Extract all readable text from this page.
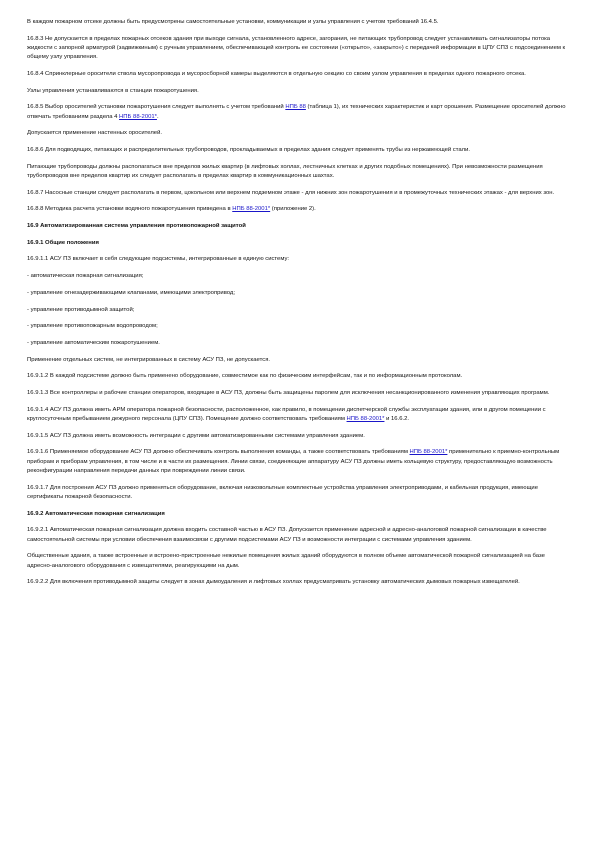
В каждом пожарном отсеке должны быть предусмотрены самостоятельные установки, коммуникации и узлы управления с учетом требований 16.4.5.

16.8.3 Не допускается в пределах пожарных отсеков здания при выходе сигнала, установленного адресе, загорания, не питающих трубопровод следует устанавливать сигнализаторы потока жидкости с запорной арматурой (задвижкиным) с ручным управлением, обеспечивающей контроль ее состоянии («открыто», «закрыто») с передачей информации в ЦПУ СПЗ с подсоединением к общему узлу управления.

16.8.4 Спринклерные оросители ствола мусоропровода и мусоросборной камеры выделяются в отдельную секцию со своим узлом управления в пределах одного пожарного отсека.

Узлы управления устанавливаются в станции пожаротушения.

16.8.5 Выбор оросителей установки пожаротушения следует выполнять с учетом требований НПБ 88 (таблица 1), их технических характеристик и карт орошения. Размещение оросителей должно отвечать требованиям раздела 4 НПБ 88-2001*.

Допускается применение настенных оросителей.

16.8.6 Для подводящих, питающих и распределительных трубопроводов, прокладываемых в пределах здания следует применять трубы из нержавеющей стали.

Питающие трубопроводы должны располагаться вне пределов жилых квартир (в лифтовых холлах, лестничных клетках и других подобных помещениях). При невозможности размещения трубопроводов вне пределов квартир их следует располагать в пределах квартир в коммуникационных шахтах.

16.8.7 Насосные станции следует располагать в первом, цокольном или верхнем подземном этаже - для нижних зон пожаротушения и в промежуточных технических этажах - для верхних зон.

16.8.8 Методика расчета установки водяного пожаротушения приведена в НПБ 88-2001* (приложение 2).

16.9 Автоматизированная система управления противопожарной защитой

16.9.1 Общие положения

16.9.1.1 АСУ ПЗ включает в себя следующие подсистемы, интегрированные в единую систему:

- автоматическая пожарная сигнализация;

- управление огнезадерживающими клапанами, имеющими электропривод;

- управление противодымной защитой;

- управление противопожарным водопроводом;

- управление автоматическим пожаротушением.

Применение отдельных систем, не интегрированных в систему АСУ ПЗ, не допускается.

16.9.1.2 В каждой подсистеме должно быть применено оборудование, совместимое как по физическим интерфейсам, так и по информационным протоколам.

16.9.1.3 Все контроллеры и рабочие станции операторов, входящие в АСУ ПЗ, должны быть защищены паролем для исключения несанкционированного изменения управляющих программ.

16.9.1.4 АСУ ПЗ должна иметь АРМ оператора пожарной безопасности, расположенное, как правило, в помещении диспетчерской службы эксплуатации здания, или в другом помещении с круглосуточным пребыванием дежурного персонала (ЦПУ СПЗ). Помещение должно соответствовать требованиям НПБ 88-2001* и 16.6.2.

16.9.1.5 АСУ ПЗ должна иметь возможность интеграции с другими автоматизированными системами управления зданием.

16.9.1.6 Применяемое оборудование АСУ ПЗ должно обеспечивать контроль выполнения команды, а также соответствовать требованиям НПБ 88-2001* применительно к приемно-контрольным приборам и приборам управления, в том числе и в части их размещения. Линии связи, соединяющие аппаратуру АСУ ПЗ должны иметь кольцевую структуру, предоставляющую возможность реконфигурации направления передачи данных при повреждении линии связи.

16.9.1.7 Для построения АСУ ПЗ должно применяться оборудование, включая низковольтные комплектные устройства управления электроприводами, и кабельная продукция, имеющие сертификаты пожарной безопасности.

16.9.2 Автоматическая пожарная сигнализация

16.9.2.1 Автоматическая пожарная сигнализация должна входить составной частью в АСУ ПЗ. Допускается применение адресной и адресно-аналоговой пожарной сигнализации в качестве самостоятельной системы при условии обеспечения взаимосвязи с другими подсистемами АСУ ПЗ и возможности интеграции с системами управления зданием.

Общественные здания, а также встроенные и встроено-пристроенные нежилые помещения жилых зданий оборудуются в полном объеме автоматической пожарной сигнализацией на базе адресно-аналогового оборудования с извещателями, реагирующими на дым.

16.9.2.2 Для включения противодымной защиты следует в зонах дымоудаления и лифтовых холлах предусматривать установку автоматических дымовых пожарных извещателей.
